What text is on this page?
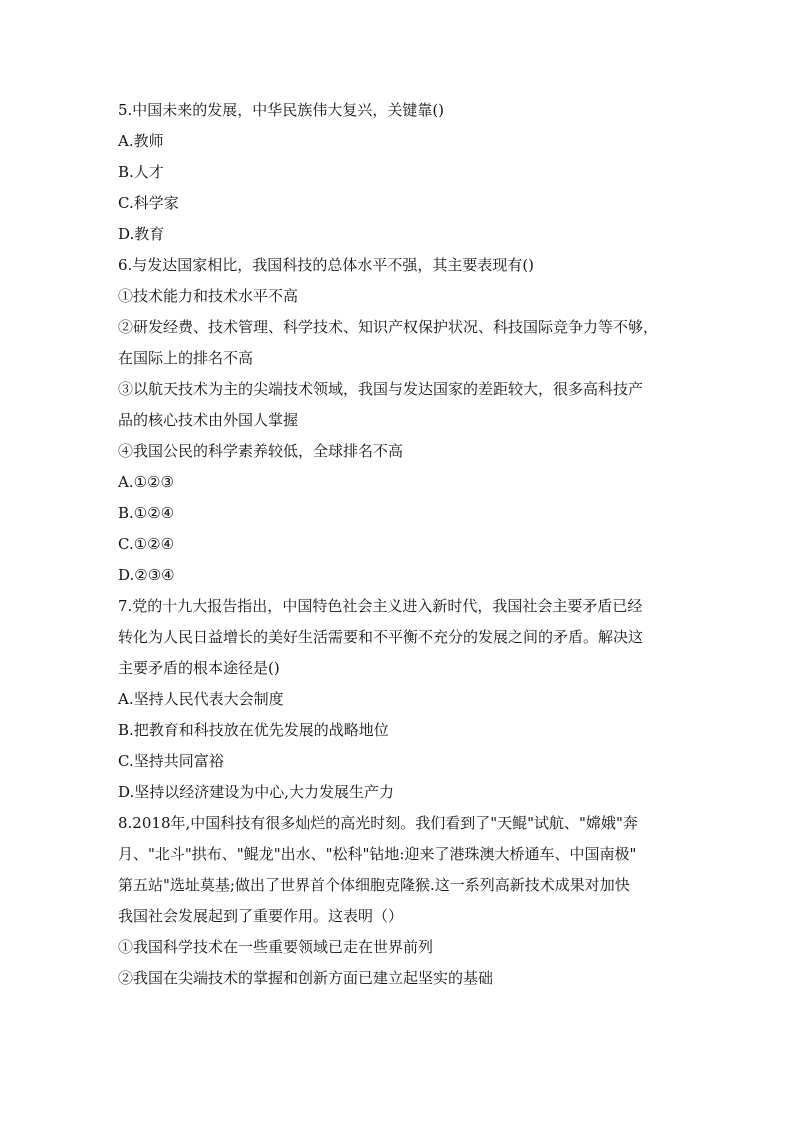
5.中国未来的发展，中华民族伟大复兴，关键靠()
A.教师
B.人才
C.科学家
D.教育
6.与发达国家相比，我国科技的总体水平不强，其主要表现有()
①技术能力和技术水平不高
②研发经费、技术管理、科学技术、知识产权保护状况、科技国际竞争力等不够，
在国际上的排名不高
③以航天技术为主的尖端技术领域，我国与发达国家的差距较大，很多高科技产
品的核心技术由外国人掌握
④我国公民的科学素养较低，全球排名不高
A.①②③
B.①②④
C.①②④
D.②③④
7.党的十九大报告指出，中国特色社会主义进入新时代，我国社会主要矛盾已经
转化为人民日益增长的美好生活需要和不平衡不充分的发展之间的矛盾。解决这
主要矛盾的根本途径是()
A.坚持人民代表大会制度
B.把教育和科技放在优先发展的战略地位
C.坚持共同富裕
D.坚持以经济建设为中心,大力发展生产力
8.2018年,中国科技有很多灿烂的高光时刻。我们看到了"天鲲"试航、"嫦娥"奔
月、"北斗"拱布、"鲲龙"出水、"松科"钻地:迎来了港珠澳大桥通车、中国南极"
第五站"选址莫基;做出了世界首个体细胞克隆猴.这一系列高新技术成果对加快
我国社会发展起到了重要作用。这表明（）
①我国科学技术在一些重要领域已走在世界前列
②我国在尖端技术的掌握和创新方面已建立起坚实的基础
